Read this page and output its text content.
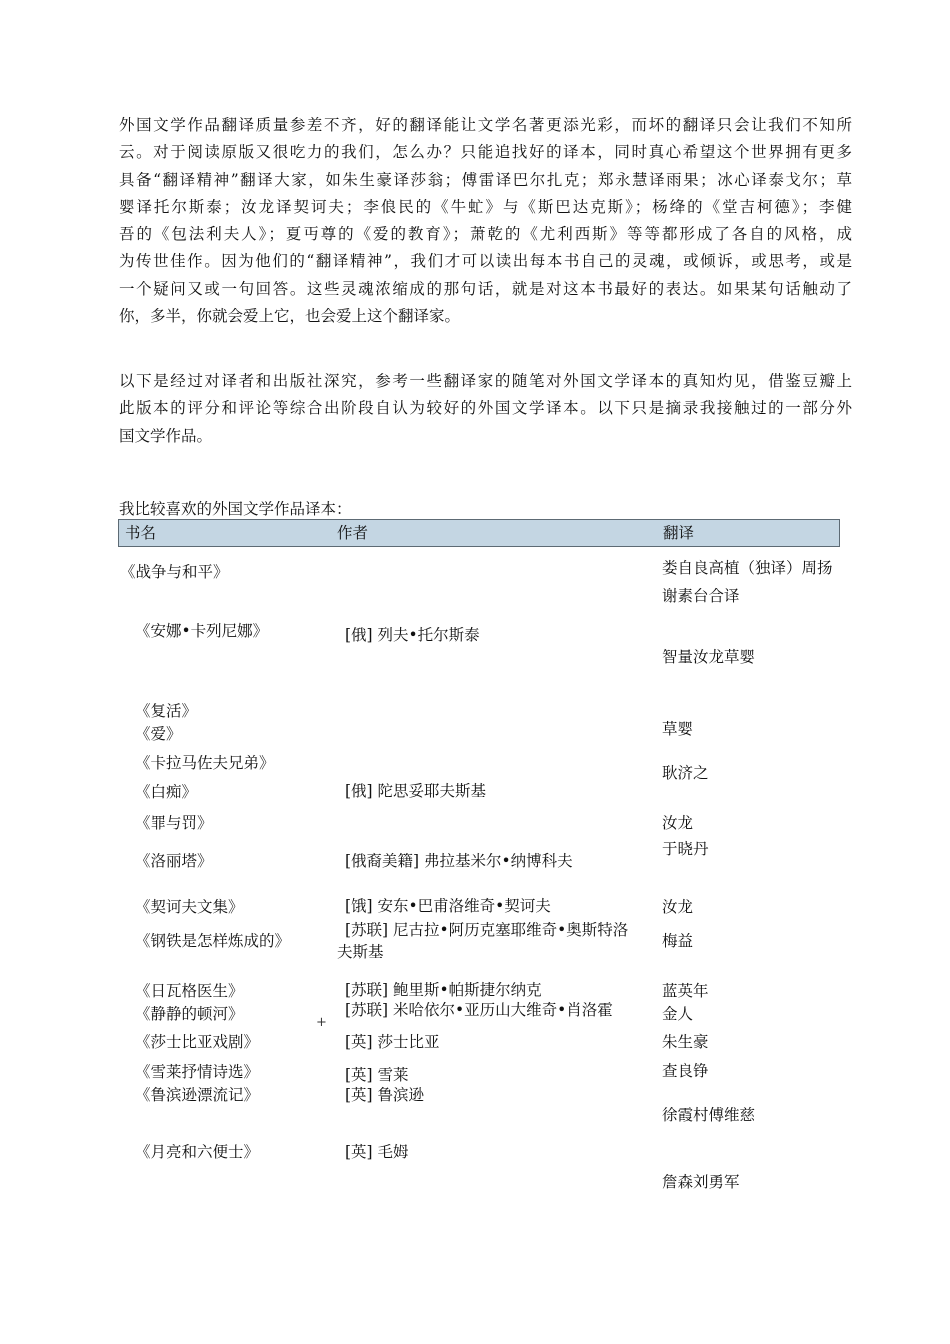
外国文学作品翻译质量参差不齐，好的翻译能让文学名著更添光彩，而坏的翻译只会让我们不知所
云。对于阅读原版又很吃力的我们，怎么办？只能追找好的译本，同时真心希望这个世界拥有更多
具备“翻译精神”翻译大家，如朱生豪译莎翁；傅雷译巴尔扎克；郑永慧译雨果；冰心译泰戈尔；草
婴译托尔斯泰；汝龙译契诃夫；李俍民的《牛虻》与《斯巴达克斯》；杨绛的《堂吉柯德》；李健
吾的《包法利夫人》；夏丏尊的《爱的教育》；萧乾的《尤利西斯》等等都形成了各自的风格，成
为传世佳作。因为他们的“翻译精神”，我们才可以读出每本书自己的灵魂，或倾诉，或思考，或是
一个疑问又或一句回答。这些灵魂浓缩成的那句话，就是对这本书最好的表达。如果某句话触动了
你，多半，你就会爱上它，也会爱上这个翻译家。
以下是经过对译者和出版社深究，参考一些翻译家的随笔对外国文学译本的真知灼见，借鉴豆瓣上
此版本的评分和评论等综合出阶段自认为较好的外国文学译本。以下只是摘录我接触过的一部分外
国文学作品。
我比较喜欢的外国文学作品译本：
书名	作者	翻译
《战争与和平》
《安娜•卡列尼娜》
《复活》
《爱》
《卡拉马佐夫兄弟》
《白痴》
《罪与罚》
《洛丽塔》
《契诃夫文集》
《钢铁是怎样炼成的》
《日瓦格医生》
《静静的顿河》
《莎士比亚戏剧》
《雪莱抒情诗选》
《鲁滨逊漂流记》
《月亮和六便士》
[俄] 列夫•托尔斯泰
[俄] 陀思妥耶夫斯基
[俄裔美籍] 弗拉基米尔•纳博科夫
[饿] 安东•巴甫洛维奇•契诃夫
[苏联] 尼古拉•阿历克塞耶维奇•奥斯特洛夫斯基
[苏联] 鲍里斯•帕斯捷尔纳克
[苏联] 米哈依尔•亚历山大维奇•肖洛霍
[英] 莎士比亚
[英] 雪莱
[英] 鲁滨逊
[英] 毛姆
娄自良高植（独译）周扬谢素台合译
智量汝龙草婴
草婴
耿济之
汝龙
于晓丹
汝龙
梅益
蓝英年
金人
朱生豪
查良铮
徐霞村傅维慈
詹森刘勇军
+
